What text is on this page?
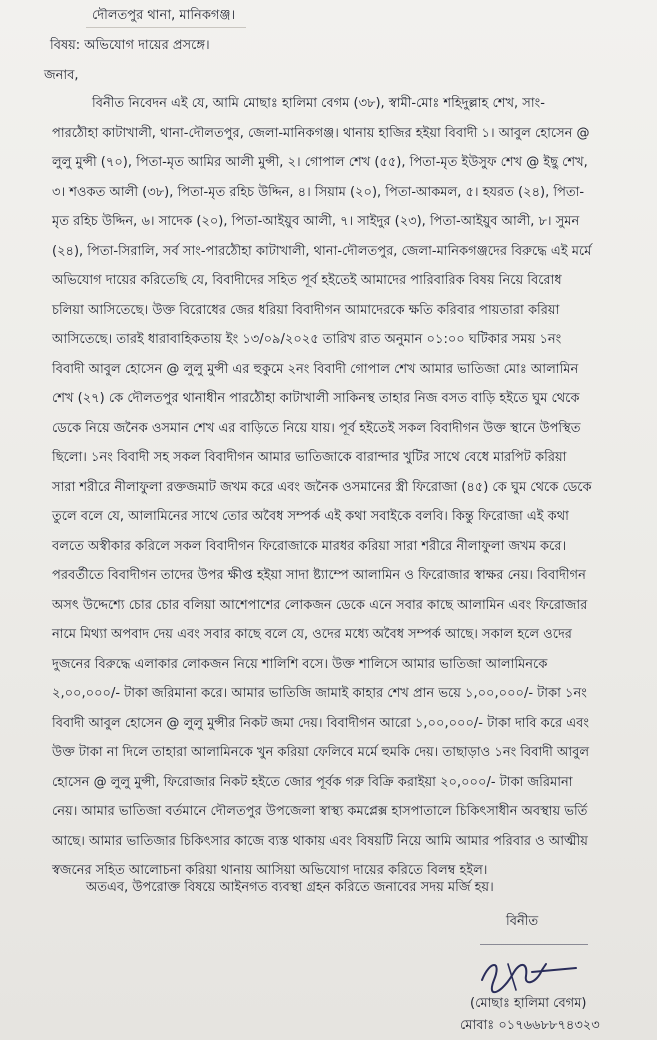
দৌলতপুর থানা, মানিকগঞ্জ।
বিষয়: অভিযোগ দায়ের প্রসঙ্গে।
জনাব,
বিনীত নিবেদন এই যে, আমি মোছাঃ হালিমা বেগম (৩৮), স্বামী-মোঃ শহিদুল্লাহ শেখ, সাং-
পারঠৌহা কাটাখালী, থানা-দৌলতপুর, জেলা-মানিকগঞ্জ। থানায় হাজির হইয়া বিবাদী ১। আবুল হোসেন @
লুলু মুন্সী (৭০), পিতা-মৃত আমির আলী মুন্সী, ২। গোপাল শেখ (৫৫), পিতা-মৃত ইউসুফ শেখ @ ইছু শেখ,
৩। শওকত আলী (৩৮), পিতা-মৃত রহিচ উদ্দিন, ৪। সিয়াম (২০), পিতা-আকমল, ৫। হযরত (২৪), পিতা-
মৃত রহিচ উদ্দিন, ৬। সাদেক (২০), পিতা-আইয়ুব আলী, ৭। সাইদুর (২৩), পিতা-আইয়ুব আলী, ৮। সুমন
(২৪), পিতা-সিরালি, সর্ব সাং-পারঠৌহা কাটাখালী, থানা-দৌলতপুর, জেলা-মানিকগঞ্জদের বিরুদ্ধে এই মর্মে
অভিযোগ দায়ের করিতেছি যে, বিবাদীদের সহিত পূর্ব হইতেই আমাদের পারিবারিক বিষয় নিয়ে বিরোধ
চলিয়া আসিতেছে। উক্ত বিরোধের জের ধরিয়া বিবাদীগন আমাদেরকে ক্ষতি করিবার পায়তারা করিয়া
আসিতেছে। তারই ধারাবাহিকতায় ইং ১৩/০৯/২০২৫ তারিখ রাত অনুমান ০১:০০ ঘটিকার সময় ১নং
বিবাদী আবুল হোসেন @ লুলু মুন্সী এর হুকুমে ২নং বিবাদী গোপাল শেখ আমার ভাতিজা মোঃ আলামিন
শেখ (২৭) কে দৌলতপুর থানাধীন পারঠৌহা কাটাখালী সাকিনস্থ তাহার নিজ বসত বাড়ি হইতে ঘুম থেকে
ডেকে নিয়ে জনৈক ওসমান শেখ এর বাড়িতে নিয়ে যায়। পূর্ব হইতেই সকল বিবাদীগন উক্ত স্থানে উপস্থিত
ছিলো। ১নং বিবাদী সহ সকল বিবাদীগন আমার ভাতিজাকে বারান্দার খুটির সাথে বেধে মারপিট করিয়া
সারা শরীরে নীলাফুলা রক্তজমাট জখম করে এবং জনৈক ওসমানের স্ত্রী ফিরোজা (৪৫) কে ঘুম থেকে ডেকে
তুলে বলে যে, আলামিনের সাথে তোর অবৈধ সম্পর্ক এই কথা সবাইকে বলবি। কিন্তু ফিরোজা এই কথা
বলতে অস্বীকার করিলে সকল বিবাদীগন ফিরোজাকে মারধর করিয়া সারা শরীরে নীলাফুলা জখম করে।
পরবর্তীতে বিবাদীগন তাদের উপর ক্ষীপ্ত হইয়া সাদা ষ্ট্যাম্পে আলামিন ও ফিরোজার স্বাক্ষর নেয়। বিবাদীগন
অসৎ উদ্দেশ্যে চোর চোর বলিয়া আশেপাশের লোকজন ডেকে এনে সবার কাছে আলামিন এবং ফিরোজার
নামে মিথ্যা অপবাদ দেয় এবং সবার কাছে বলে যে, ওদের মধ্যে অবৈধ সম্পর্ক আছে। সকাল হলে ওদের
দুজনের বিরুদ্ধে এলাকার লোকজন নিয়ে শালিশি বসে। উক্ত শালিসে আমার ভাতিজা আলামিনকে
২,০০,০০০/- টাকা জরিমানা করে। আমার ভাতিজি জামাই কাহার শেখ প্রান ভয়ে ১,০০,০০০/- টাকা ১নং
বিবাদী আবুল হোসেন @ লুলু মুন্সীর নিকট জমা দেয়। বিবাদীগন আরো ১,০০,০০০/- টাকা দাবি করে এবং
উক্ত টাকা না দিলে তাহারা আলামিনকে খুন করিয়া ফেলিবে মর্মে হুমকি দেয়। তাছাড়াও ১নং বিবাদী আবুল
হোসেন @ লুলু মুন্সী, ফিরোজার নিকট হইতে জোর পূর্বক গরু বিক্রি করাইয়া ২০,০০০/- টাকা জরিমানা
নেয়। আমার ভাতিজা বর্তমানে দৌলতপুর উপজেলা স্বাস্থ্য কমপ্লেক্স হাসপাতালে চিকিৎসাধীন অবস্থায় ভর্তি
আছে। আমার ভাতিজার চিকিৎসার কাজে ব্যস্ত থাকায় এবং বিষয়টি নিয়ে আমি আমার পরিবার ও আত্মীয়
স্বজনের সহিত আলোচনা করিয়া থানায় আসিয়া অভিযোগ দায়ের করিতে বিলম্ব হইল।
অতএব, উপরোক্ত বিষয়ে আইনগত ব্যবস্থা গ্রহন করিতে জনাবের সদয় মর্জি হয়।
বিনীত
(মোছাঃ হালিমা বেগম)
মোবাঃ ০১৭৬৬৮৮৭৪৩২৩
